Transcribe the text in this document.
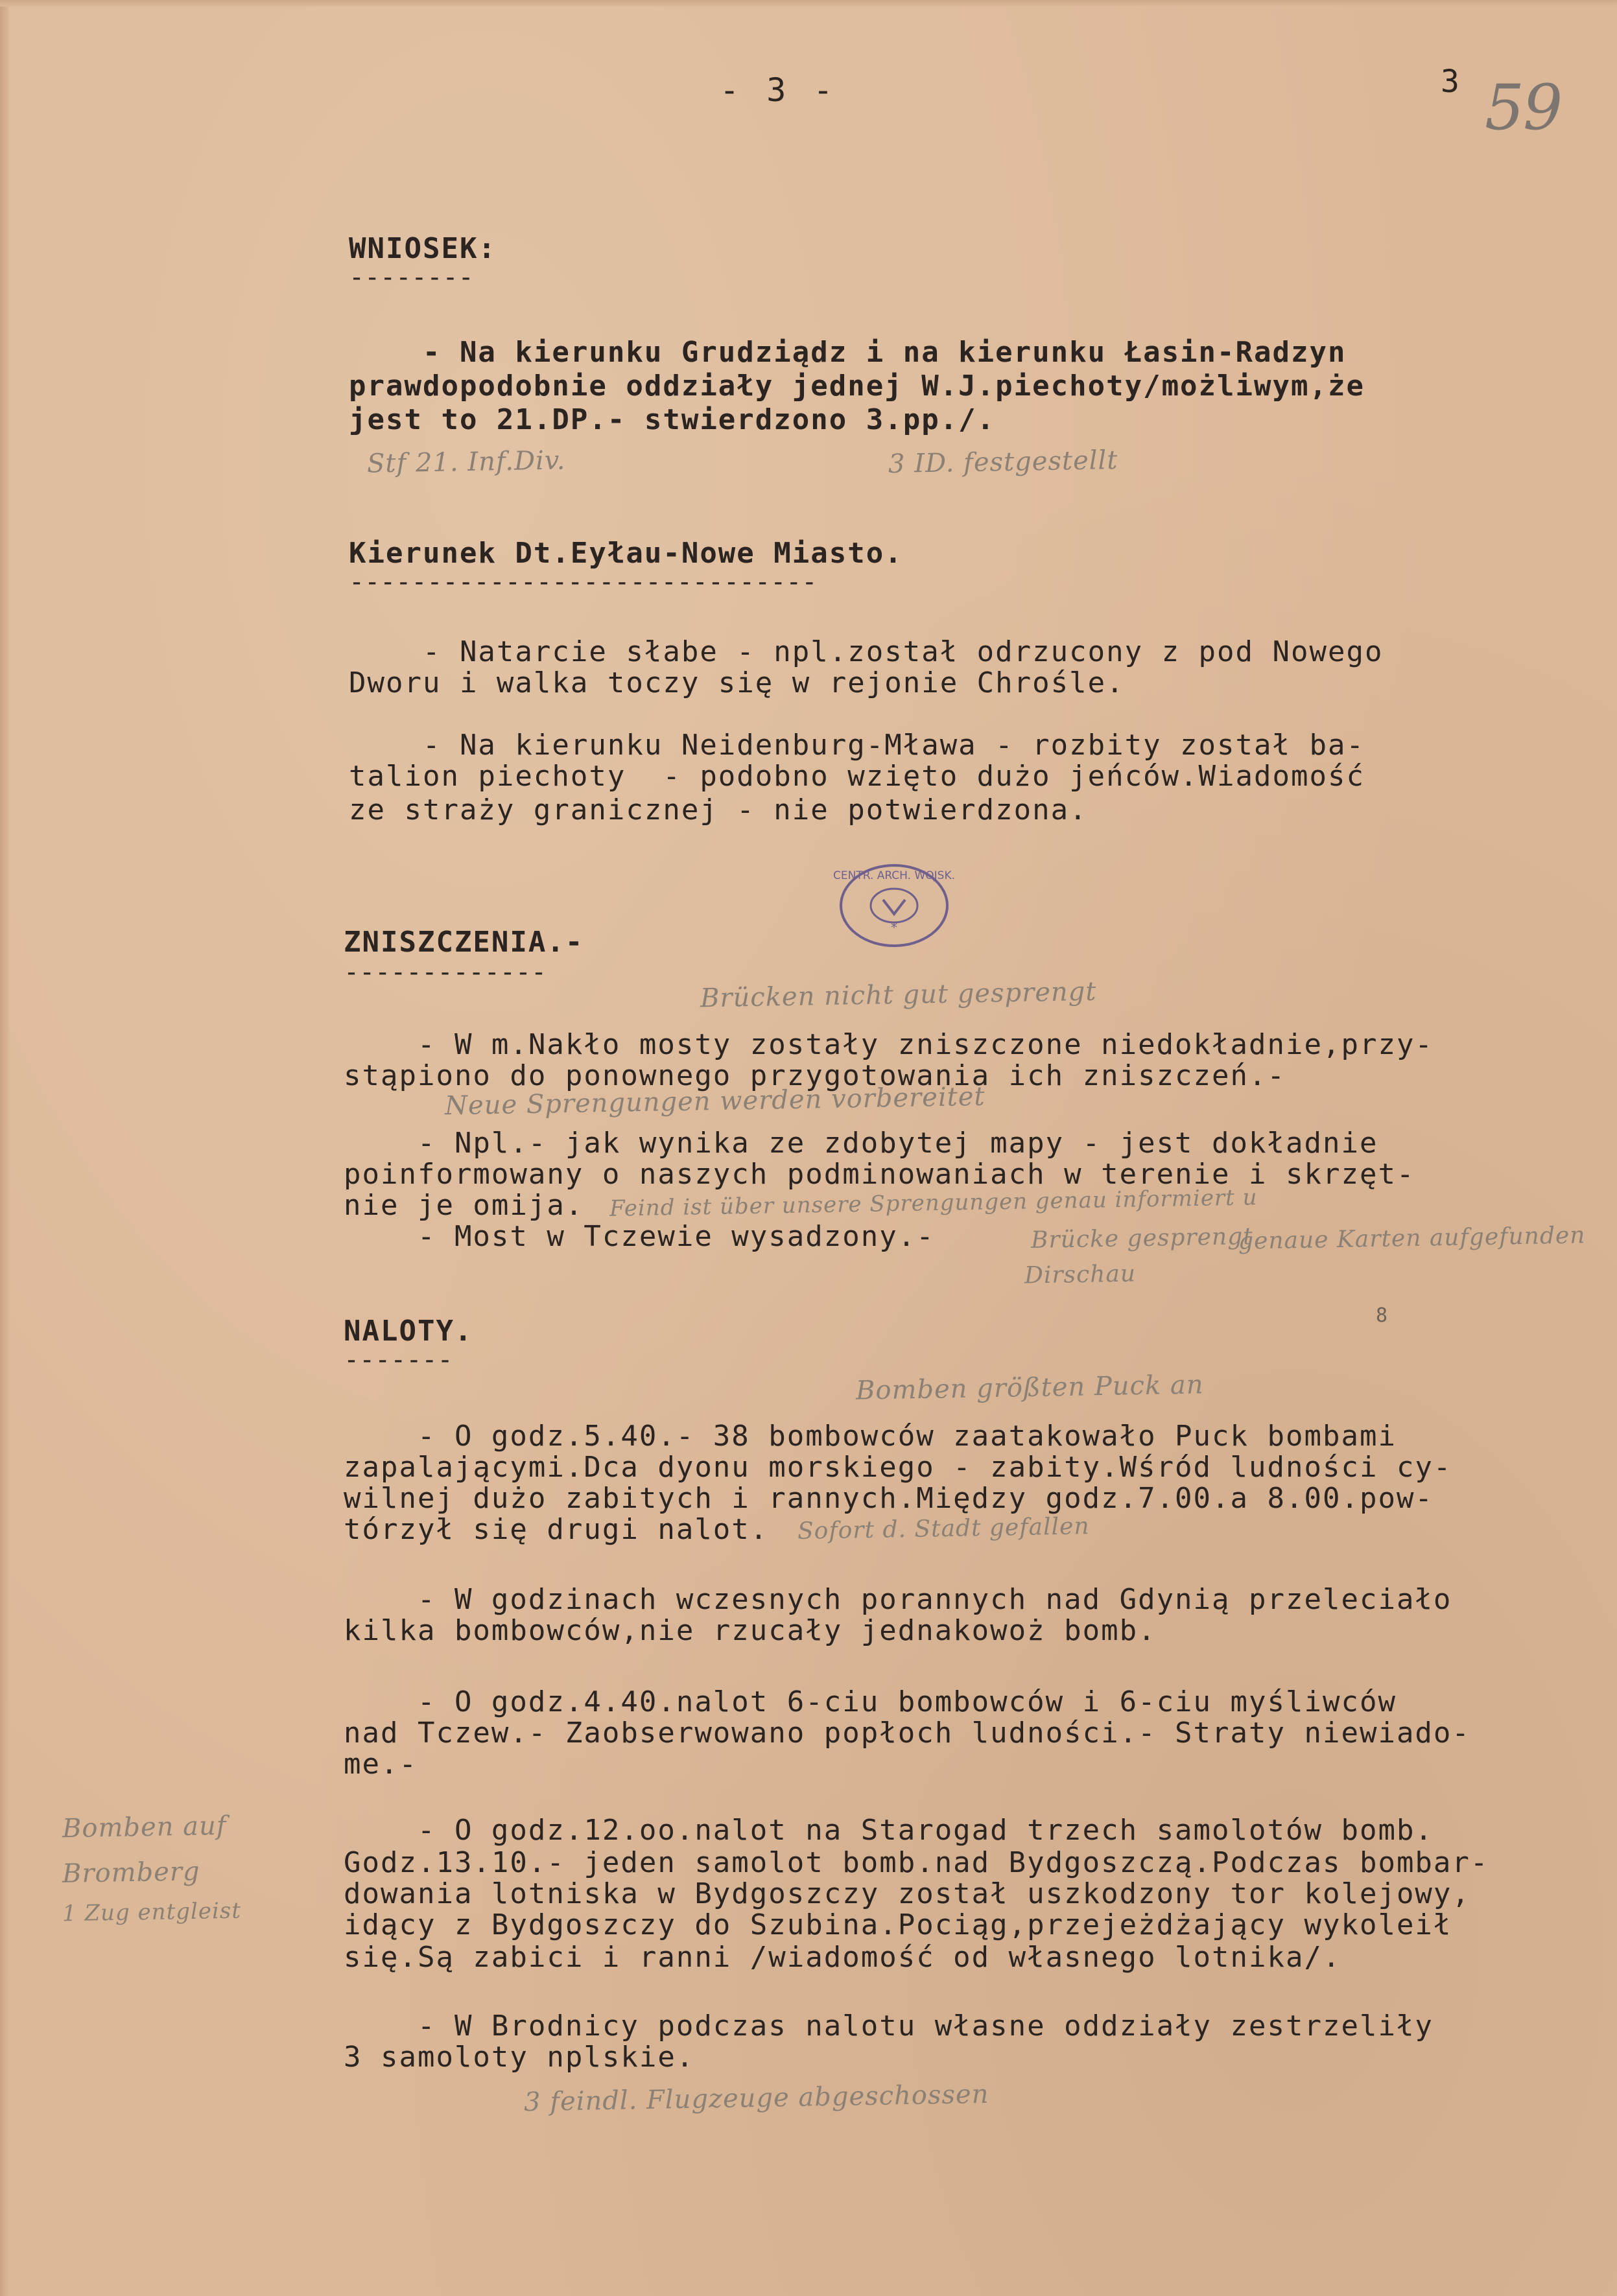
- 3 -	3 59
WNIOSEK:
--------
- Na kierunku Grudziądz i na kierunku Łasin-Radzyn
prawdopodobnie oddziały jednej W.J.piechoty/możliwym,że
jest to 21.DP.- stwierdzono 3.pp./.
Stf 21. Inf.Div.	3 ID. festgestellt
Kierunek Dt.Eyłau-Nowe Miasto.
------------------------------
- Natarcie słabe - npl.został odrzucony z pod Nowego
Dworu i walka toczy się w rejonie Chrośle.
- Na kierunku Neidenburg-Mława - rozbity został ba-
talion piechoty  - podobno wzięto dużo jeńców.Wiadomość
ze straży granicznej - nie potwierdzona.
*
CENTR. ARCH. WOJSK.
ZNISZCZENIA.-
-------------
Brücken nicht gut gesprengt
- W m.Nakło mosty zostały zniszczone niedokładnie,przy-
stąpiono do ponownego przygotowania ich zniszczeń.-
Neue Sprengungen werden vorbereitet
- Npl.- jak wynika ze zdobytej mapy - jest dokładnie
poinformowany o naszych podminowaniach w terenie i skrzęt-
nie je omija. Feind ist über unsere Sprengungen genau informiert u
- Most w Tczewie wysadzony.-	Brücke gesprengt
genaue Karten aufgefunden
Dirschau
8
NALOTY.
-------
Bomben größten Puck an
- O godz.5.40.- 38 bombowców zaatakowało Puck bombami
zapalającymi.Dca dyonu morskiego - zabity.Wśród ludności cy-
wilnej dużo zabitych i rannych.Między godz.7.00.a 8.00.pow-
tórzył się drugi nalot. Sofort d. Stadt gefallen
- W godzinach wczesnych porannych nad Gdynią przeleciało
kilka bombowców,nie rzucały jednakowoż bomb.
- O godz.4.40.nalot 6-ciu bombowców i 6-ciu myśliwców
nad Tczew.- Zaobserwowano popłoch ludności.- Straty niewiado-
me.-
- O godz.12.oo.nalot na Starogad trzech samolotów bomb.
Godz.13.10.- jeden samolot bomb.nad Bydgoszczą.Podczas bombar-
dowania lotniska w Bydgoszczy został uszkodzony tor kolejowy,
idący z Bydgoszczy do Szubina.Pociąg,przejeżdżający wykoleił
się.Są zabici i ranni /wiadomość od własnego lotnika/.
- W Brodnicy podczas nalotu własne oddziały zestrzeliły
3 samoloty nplskie.
3 feindl. Flugzeuge abgeschossen
Bomben auf
Bromberg
1 Zug entgleist
